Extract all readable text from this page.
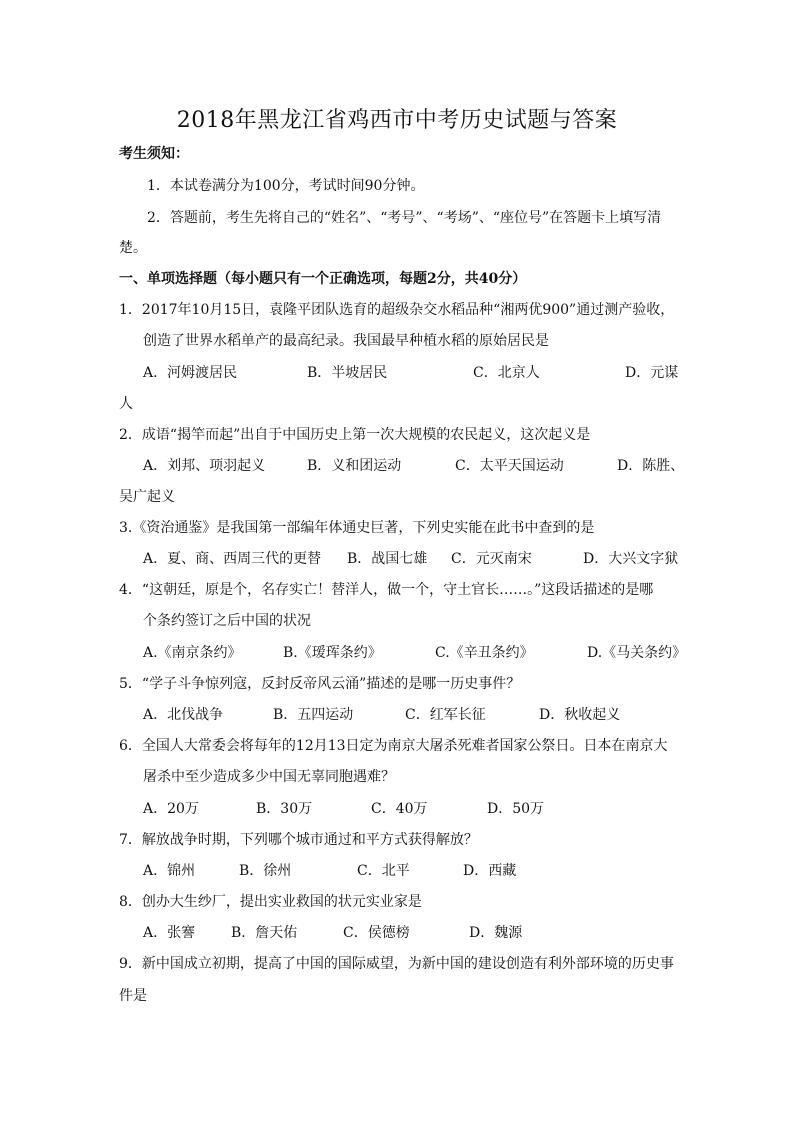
2018年黑龙江省鸡西市中考历史试题与答案
考生须知：
1．本试卷满分为100分，考试时间90分钟。
2．答题前，考生先将自己的“姓名”、“考号”、“考场”、“座位号”在答题卡上填写清
楚。
一、单项选择题（每小题只有一个正确选项，每题2分，共40分）
1．2017年10月15日，袁隆平团队选育的超级杂交水稻品种“湘两优900”通过测产验收，
创造了世界水稻单产的最高纪录。我国最早种植水稻的原始居民是
A．河姆渡居民	B．半坡居民	C．北京人	D．元谋
人
2．成语“揭竿而起”出自于中国历史上第一次大规模的农民起义，这次起义是
A．刘邦、项羽起义	B．义和团运动	C．太平天国运动	D．陈胜、
吴广起义
3.《资治通鉴》是我国第一部编年体通史巨著，下列史实能在此书中查到的是
A．夏、商、西周三代的更替 B．战国七雄 C．元灭南宋	D．大兴文字狱
4．“这朝廷，原是个，名存实亡！替洋人，做一个，守土官长……。”这段话描述的是哪
个条约签订之后中国的状况
A.《南京条约》	B.《瑷珲条约》	C.《辛丑条约》	D.《马关条约》
5．“学子斗争惊列寇，反封反帝风云涌”描述的是哪一历史事件？
A．北伐战争	B．五四运动	C．红军长征	D．秋收起义
6．全国人大常委会将每年的12月13日定为南京大屠杀死难者国家公祭日。日本在南京大
屠杀中至少造成多少中国无辜同胞遇难？
A．20万	B．30万	C．40万	D．50万
7．解放战争时期，下列哪个城市通过和平方式获得解放？
A．锦州	B．徐州	C．北平	D．西藏
8．创办大生纱厂，提出实业救国的状元实业家是
A．张謇	B．詹天佑	C．侯德榜	D．魏源
9．新中国成立初期，提高了中国的国际威望，为新中国的建设创造有利外部环境的历史事
件是
